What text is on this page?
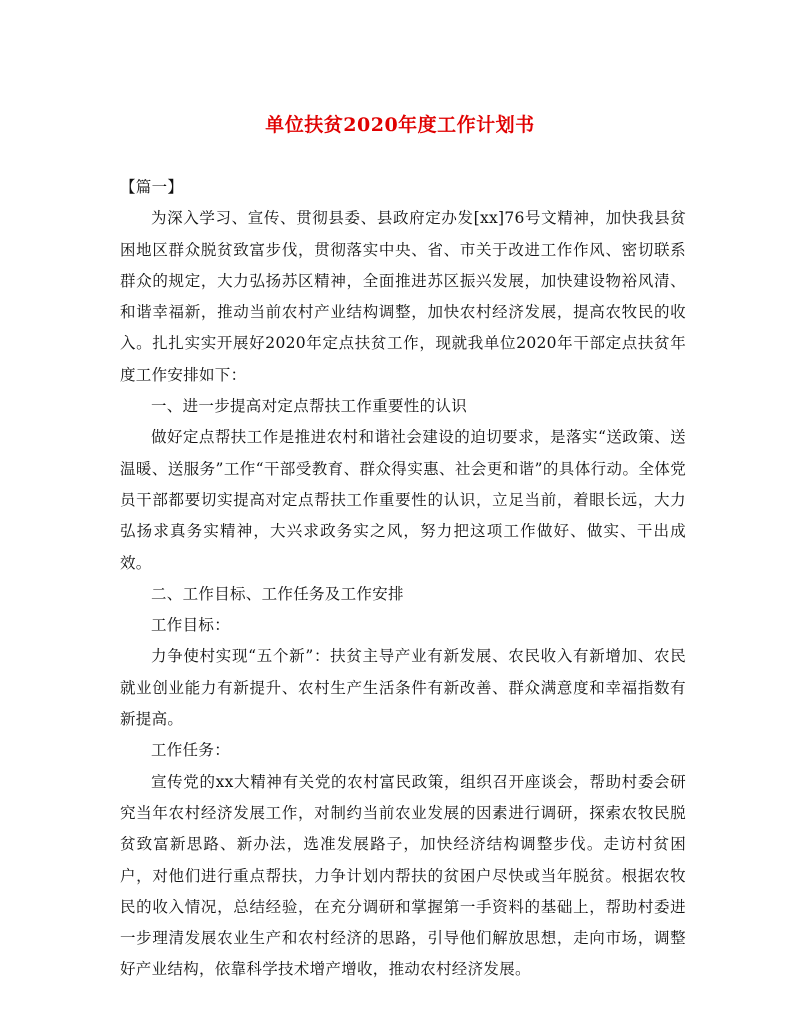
单位扶贫2020年度工作计划书

【篇一】

为深入学习、宣传、贯彻县委、县政府定办发[xx]76号文精神，加快我县贫困地区群众脱贫致富步伐，贯彻落实中央、省、市关于改进工作作风、密切联系群众的规定，大力弘扬苏区精神，全面推进苏区振兴发展，加快建设物裕风清、和谐幸福新，推动当前农村产业结构调整，加快农村经济发展，提高农牧民的收入。扎扎实实开展好2020年定点扶贫工作，现就我单位2020年干部定点扶贫年度工作安排如下：

一、进一步提高对定点帮扶工作重要性的认识

做好定点帮扶工作是推进农村和谐社会建设的迫切要求，是落实“送政策、送温暖、送服务”工作“干部受教育、群众得实惠、社会更和谐”的具体行动。全体党员干部都要切实提高对定点帮扶工作重要性的认识，立足当前，着眼长远，大力弘扬求真务实精神，大兴求政务实之风，努力把这项工作做好、做实、干出成效。

二、工作目标、工作任务及工作安排

工作目标：

力争使村实现“五个新”：扶贫主导产业有新发展、农民收入有新增加、农民就业创业能力有新提升、农村生产生活条件有新改善、群众满意度和幸福指数有新提高。

工作任务：

宣传党的xx大精神有关党的农村富民政策，组织召开座谈会，帮助村委会研究当年农村经济发展工作，对制约当前农业发展的因素进行调研，探索农牧民脱贫致富新思路、新办法，选准发展路子，加快经济结构调整步伐。走访村贫困户，对他们进行重点帮扶，力争计划内帮扶的贫困户尽快或当年脱贫。根据农牧民的收入情况，总结经验，在充分调研和掌握第一手资料的基础上，帮助村委进一步理清发展农业生产和农村经济的思路，引导他们解放思想，走向市场，调整好产业结构，依靠科学技术增产增收，推动农村经济发展。
